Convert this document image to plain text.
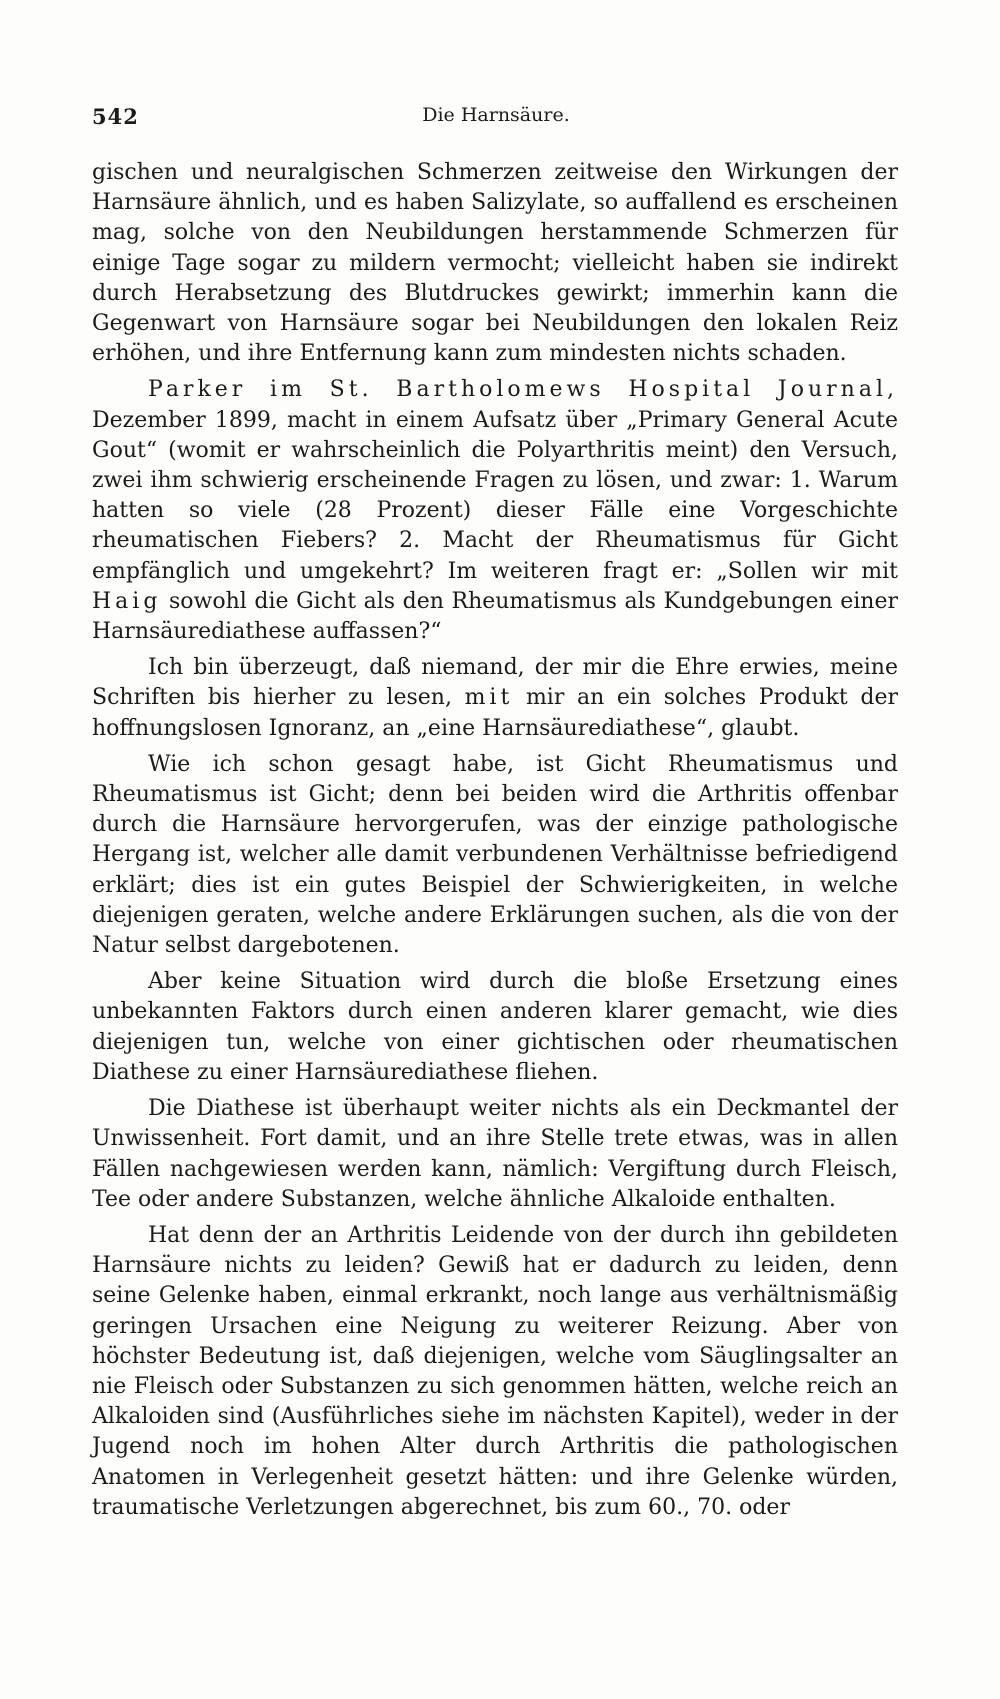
542	Die Harnsäure.

gischen und neuralgischen Schmerzen zeitweise den Wirkungen der Harnsäure ähnlich, und es haben Salizylate, so auffallend es erscheinen mag, solche von den Neubildungen herstammende Schmerzen für einige Tage sogar zu mildern vermocht; vielleicht haben sie indirekt durch Herabsetzung des Blutdruckes gewirkt; immerhin kann die Gegenwart von Harnsäure sogar bei Neubildungen den lokalen Reiz erhöhen, und ihre Entfernung kann zum mindesten nichts schaden.

Parker im St. Bartholomews Hospital Journal, Dezember 1899, macht in einem Aufsatz über „Primary General Acute Gout“ (womit er wahrscheinlich die Polyarthritis meint) den Versuch, zwei ihm schwierig erscheinende Fragen zu lösen, und zwar: 1. Warum hatten so viele (28 Prozent) dieser Fälle eine Vorgeschichte rheumatischen Fiebers? 2. Macht der Rheumatismus für Gicht empfänglich und umgekehrt? Im weiteren fragt er: „Sollen wir mit Haig sowohl die Gicht als den Rheumatismus als Kundgebungen einer Harnsäurediathese auffassen?“

Ich bin überzeugt, daß niemand, der mir die Ehre erwies, meine Schriften bis hierher zu lesen, mit mir an ein solches Produkt der hoffnungslosen Ignoranz, an „eine Harnsäurediathese“, glaubt.

Wie ich schon gesagt habe, ist Gicht Rheumatismus und Rheumatismus ist Gicht; denn bei beiden wird die Arthritis offenbar durch die Harnsäure hervorgerufen, was der einzige pathologische Hergang ist, welcher alle damit verbundenen Verhältnisse befriedigend erklärt; dies ist ein gutes Beispiel der Schwierigkeiten, in welche diejenigen geraten, welche andere Erklärungen suchen, als die von der Natur selbst dargebotenen.

Aber keine Situation wird durch die bloße Ersetzung eines unbekannten Faktors durch einen anderen klarer gemacht, wie dies diejenigen tun, welche von einer gichtischen oder rheumatischen Diathese zu einer Harnsäurediathese fliehen.

Die Diathese ist überhaupt weiter nichts als ein Deckmantel der Unwissenheit. Fort damit, und an ihre Stelle trete etwas, was in allen Fällen nachgewiesen werden kann, nämlich: Vergiftung durch Fleisch, Tee oder andere Substanzen, welche ähnliche Alkaloide enthalten.

Hat denn der an Arthritis Leidende von der durch ihn gebildeten Harnsäure nichts zu leiden? Gewiß hat er dadurch zu leiden, denn seine Gelenke haben, einmal erkrankt, noch lange aus verhältnismäßig geringen Ursachen eine Neigung zu weiterer Reizung. Aber von höchster Bedeutung ist, daß diejenigen, welche vom Säuglingsalter an nie Fleisch oder Substanzen zu sich genommen hätten, welche reich an Alkaloiden sind (Ausführliches siehe im nächsten Kapitel), weder in der Jugend noch im hohen Alter durch Arthritis die pathologischen Anatomen in Verlegenheit gesetzt hätten: und ihre Gelenke würden, traumatische Verletzungen abgerechnet, bis zum 60., 70. oder
